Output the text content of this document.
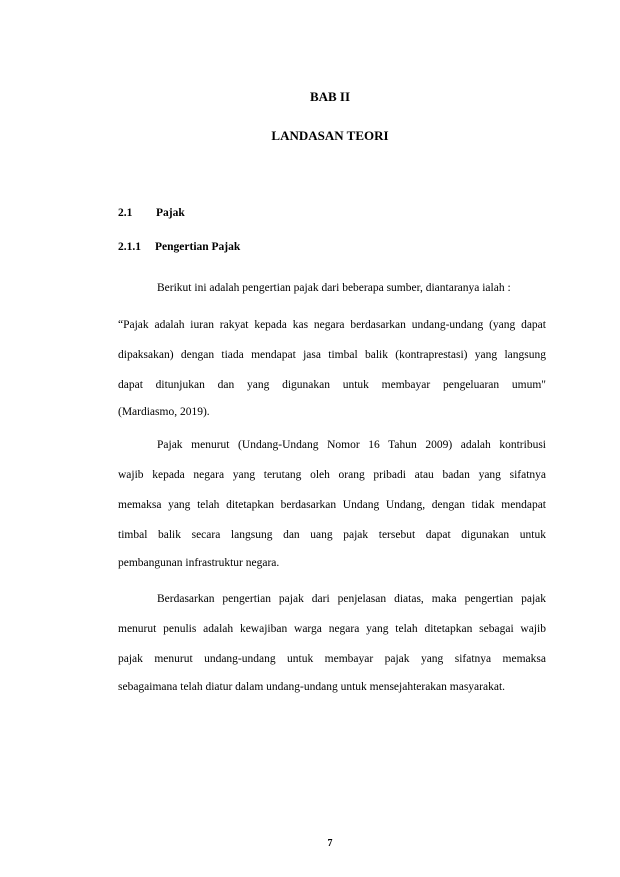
BAB II
LANDASAN TEORI
2.1 Pajak
2.1.1 Pengertian Pajak
Berikut ini adalah pengertian pajak dari beberapa sumber, diantaranya ialah :
“Pajak adalah iuran rakyat kepada kas negara berdasarkan undang-undang (yang dapat
dipaksakan) dengan tiada mendapat jasa timbal balik (kontraprestasi) yang langsung
dapat ditunjukan dan yang digunakan untuk membayar pengeluaran umum"
(Mardiasmo, 2019).
Pajak menurut (Undang-Undang Nomor 16 Tahun 2009) adalah kontribusi
wajib kepada negara yang terutang oleh orang pribadi atau badan yang sifatnya
memaksa yang telah ditetapkan berdasarkan Undang Undang, dengan tidak mendapat
timbal balik secara langsung dan uang pajak tersebut dapat digunakan untuk
pembangunan infrastruktur negara.
Berdasarkan pengertian pajak dari penjelasan diatas, maka pengertian pajak
menurut penulis adalah kewajiban warga negara yang telah ditetapkan sebagai wajib
pajak menurut undang-undang untuk membayar pajak yang sifatnya memaksa
sebagaimana telah diatur dalam undang-undang untuk mensejahterakan masyarakat.
7
